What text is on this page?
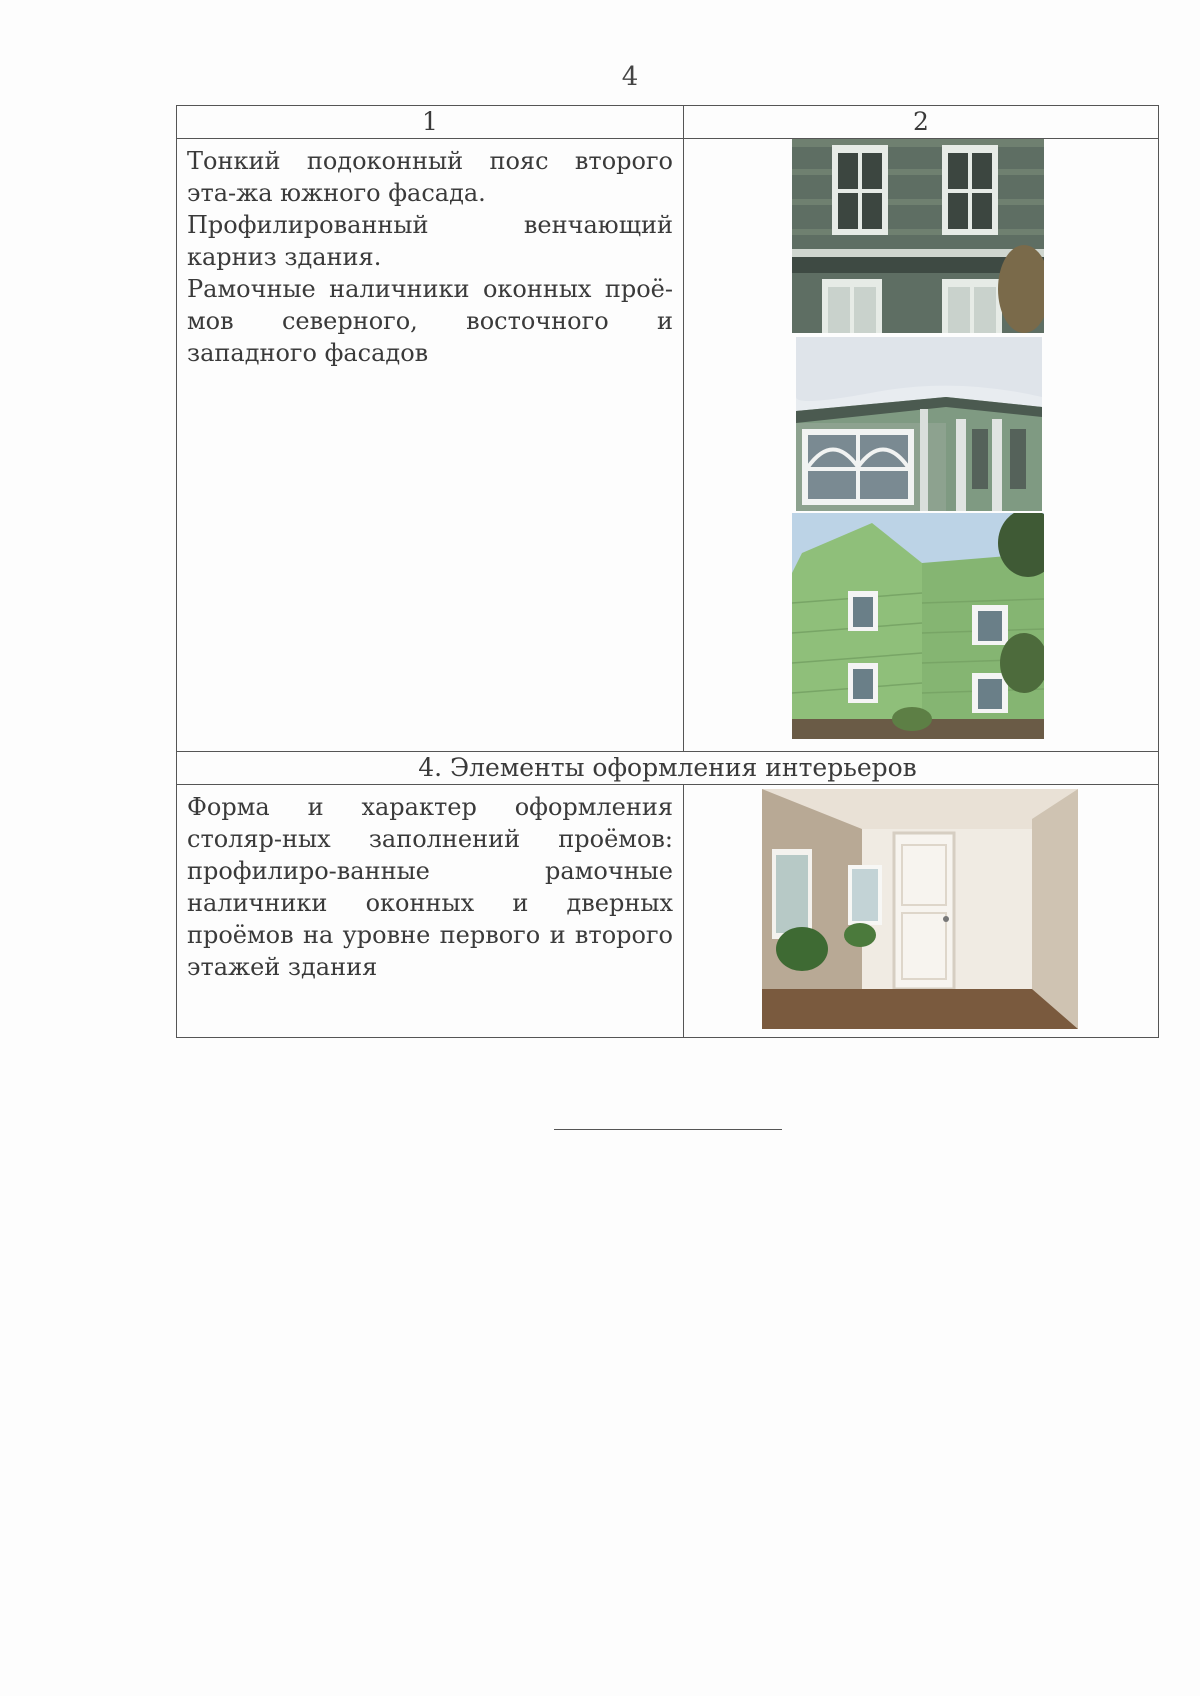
4
1	2

Тонкий подоконный пояс второго эта-жа южного фасада.

Профилированный венчающий карниз здания.

Рамочные наличники оконных проё-мов северного, восточного и западного фасадов

4. Элементы оформления интерьеров	

Форма и характер оформления столяр-ных заполнений проёмов: профилиро-ванные рамочные наличники оконных и дверных проёмов на уровне первого и второго этажей здания
